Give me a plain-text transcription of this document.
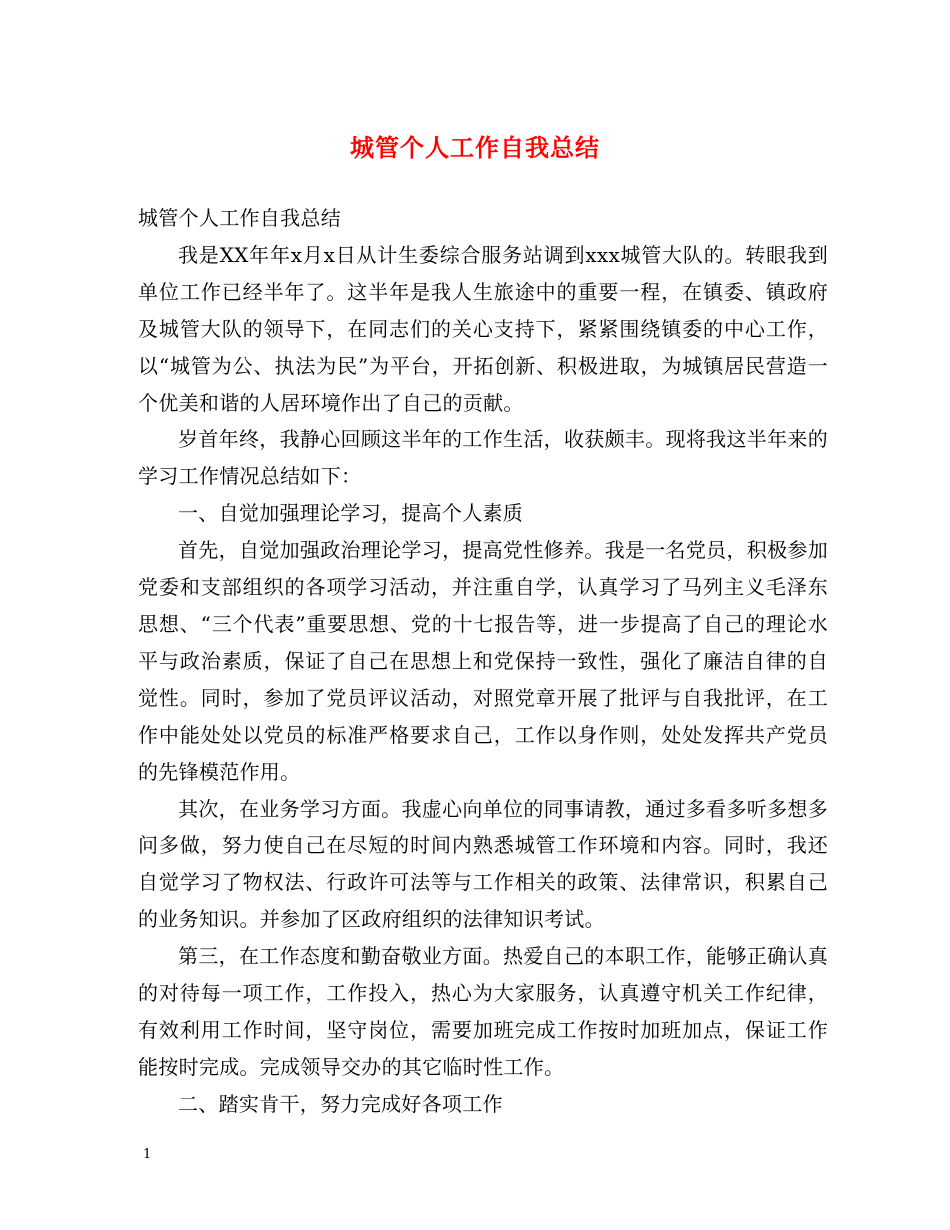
城管个人工作自我总结

城管个人工作自我总结

我是XX年年x月x日从计生委综合服务站调到xxx城管大队的。转眼我到单位工作已经半年了。这半年是我人生旅途中的重要一程，在镇委、镇政府及城管大队的领导下，在同志们的关心支持下，紧紧围绕镇委的中心工作，以“城管为公、执法为民”为平台，开拓创新、积极进取，为城镇居民营造一个优美和谐的人居环境作出了自己的贡献。

岁首年终，我静心回顾这半年的工作生活，收获颇丰。现将我这半年来的学习工作情况总结如下：

一、自觉加强理论学习，提高个人素质

首先，自觉加强政治理论学习，提高党性修养。我是一名党员，积极参加党委和支部组织的各项学习活动，并注重自学，认真学习了马列主义毛泽东思想、“三个代表”重要思想、党的十七报告等，进一步提高了自己的理论水平与政治素质，保证了自己在思想上和党保持一致性，强化了廉洁自律的自觉性。同时，参加了党员评议活动，对照党章开展了批评与自我批评，在工作中能处处以党员的标准严格要求自己，工作以身作则，处处发挥共产党员的先锋模范作用。

其次，在业务学习方面。我虚心向单位的同事请教，通过多看多听多想多问多做，努力使自己在尽短的时间内熟悉城管工作环境和内容。同时，我还自觉学习了物权法、行政许可法等与工作相关的政策、法律常识，积累自己的业务知识。并参加了区政府组织的法律知识考试。

第三，在工作态度和勤奋敬业方面。热爱自己的本职工作，能够正确认真的对待每一项工作，工作投入，热心为大家服务，认真遵守机关工作纪律，有效利用工作时间，坚守岗位，需要加班完成工作按时加班加点，保证工作能按时完成。完成领导交办的其它临时性工作。

二、踏实肯干，努力完成好各项工作

1
